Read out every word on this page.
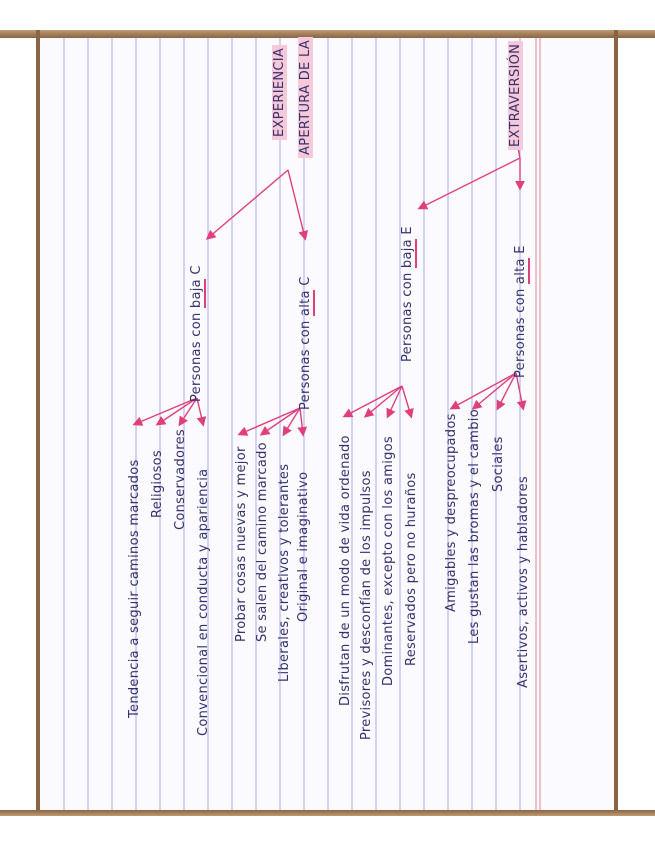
EXTRAVERSIÓN
Personas con alta E
Personas con baja E
Asertivos, activos y habladores
Sociales
Les gustan las bromas y el cambio
Amigables y despreocupados
Reservados pero no huraños
Dominantes, excepto con los amigos
Previsores y desconfían de los impulsos
Disfrutan de un modo de vida ordenado
APERTURA DE LA
EXPERIENCIA
Personas con alta C
Personas con baja C
Original e imaginativo
Liberales, creativos y tolerantes
Se salen del camino marcado
Probar cosas nuevas y mejor
Convencional en conducta y apariencia
Conservadores
Religiosos
Tendencia a seguir caminos marcados
